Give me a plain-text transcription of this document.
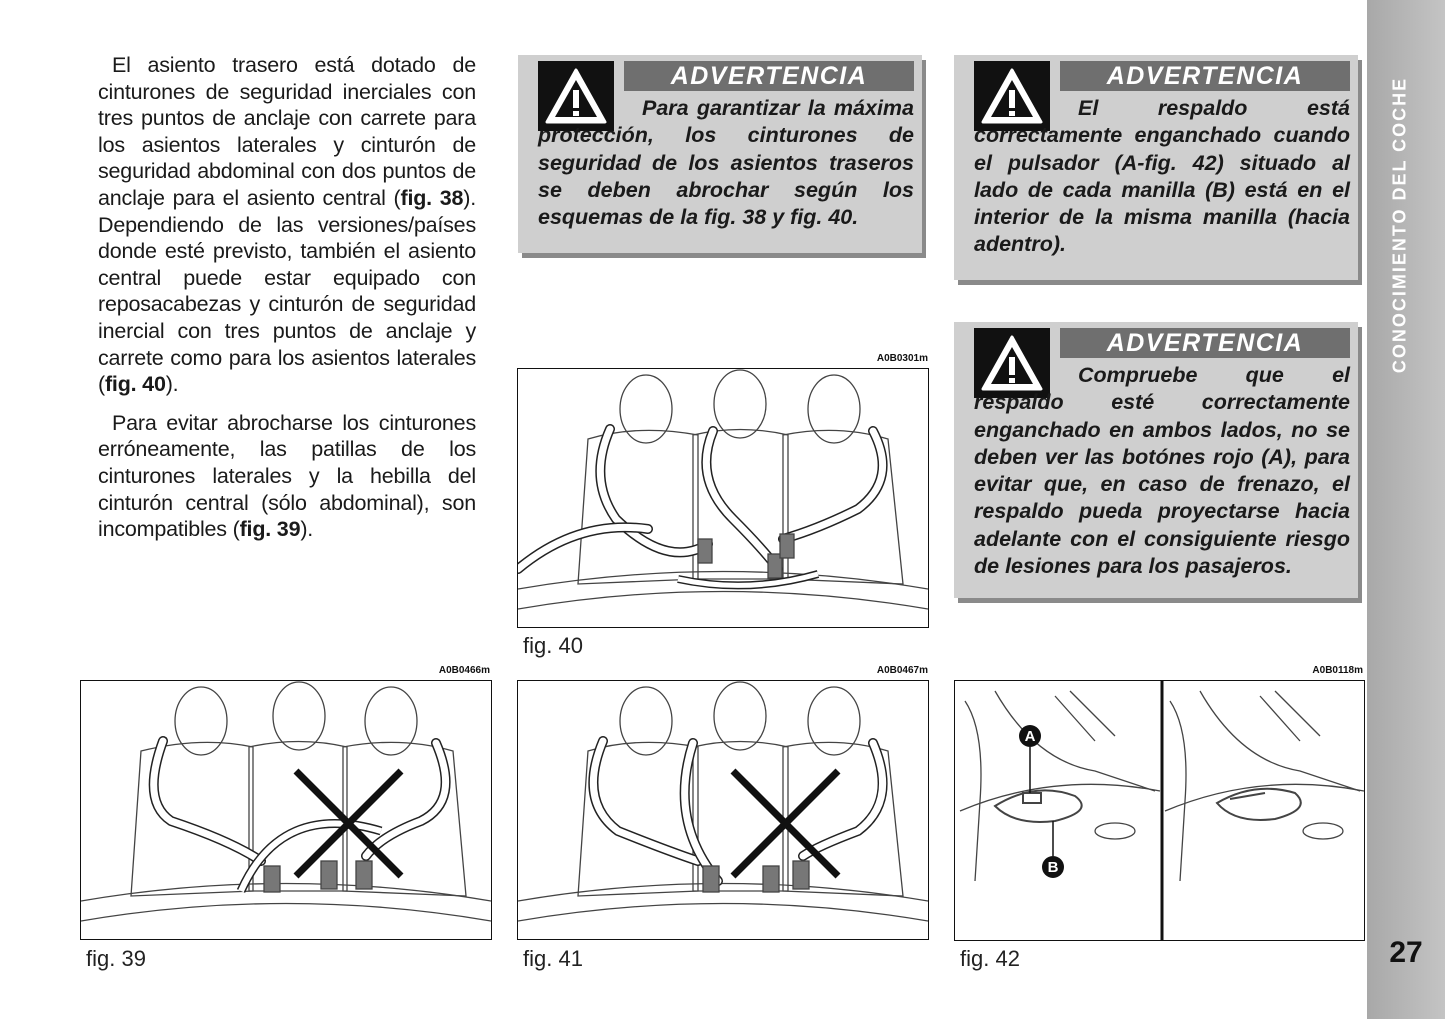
El asiento trasero está dotado de cinturones de seguridad inerciales con tres puntos de anclaje con carrete para los asientos laterales y cinturón de seguridad abdominal con dos puntos de anclaje para el asiento central (fig. 38). Dependiendo de las versiones/países donde esté previsto, también el asiento central puede estar equipado con reposacabezas y cinturón de seguridad inercial con tres puntos de anclaje y carrete como para los asientos laterales (fig. 40).

Para evitar abrocharse los cinturones erróneamente, las patillas de los cinturones laterales y la hebilla del cinturón central (sólo abdominal), son incompatibles (fig. 39).

ADVERTENCIA
Para garantizar la máxima protección, los cinturones de seguridad de los asientos traseros se deben abrochar según los esquemas de la fig. 38 y fig. 40.
ADVERTENCIA
El respaldo está correctamente enganchado cuando el pulsador (A-fig. 42) situado al lado de cada manilla (B) está en el interior de la misma manilla (hacia adentro).
ADVERTENCIA
Compruebe que el respaldo esté correctamente enganchado en ambos lados, no se deben ver las botónes rojo (A), para evitar que, en caso de frenazo, el respaldo pueda proyectarse hacia adelante con el consiguiente riesgo de lesiones para los pasajeros.
A0B0301m
fig. 40
A0B0466m
fig. 39
A0B0467m
fig. 41
A0B0118m
A
B
fig. 42
CONOCIMIENTO DEL COCHE
27
